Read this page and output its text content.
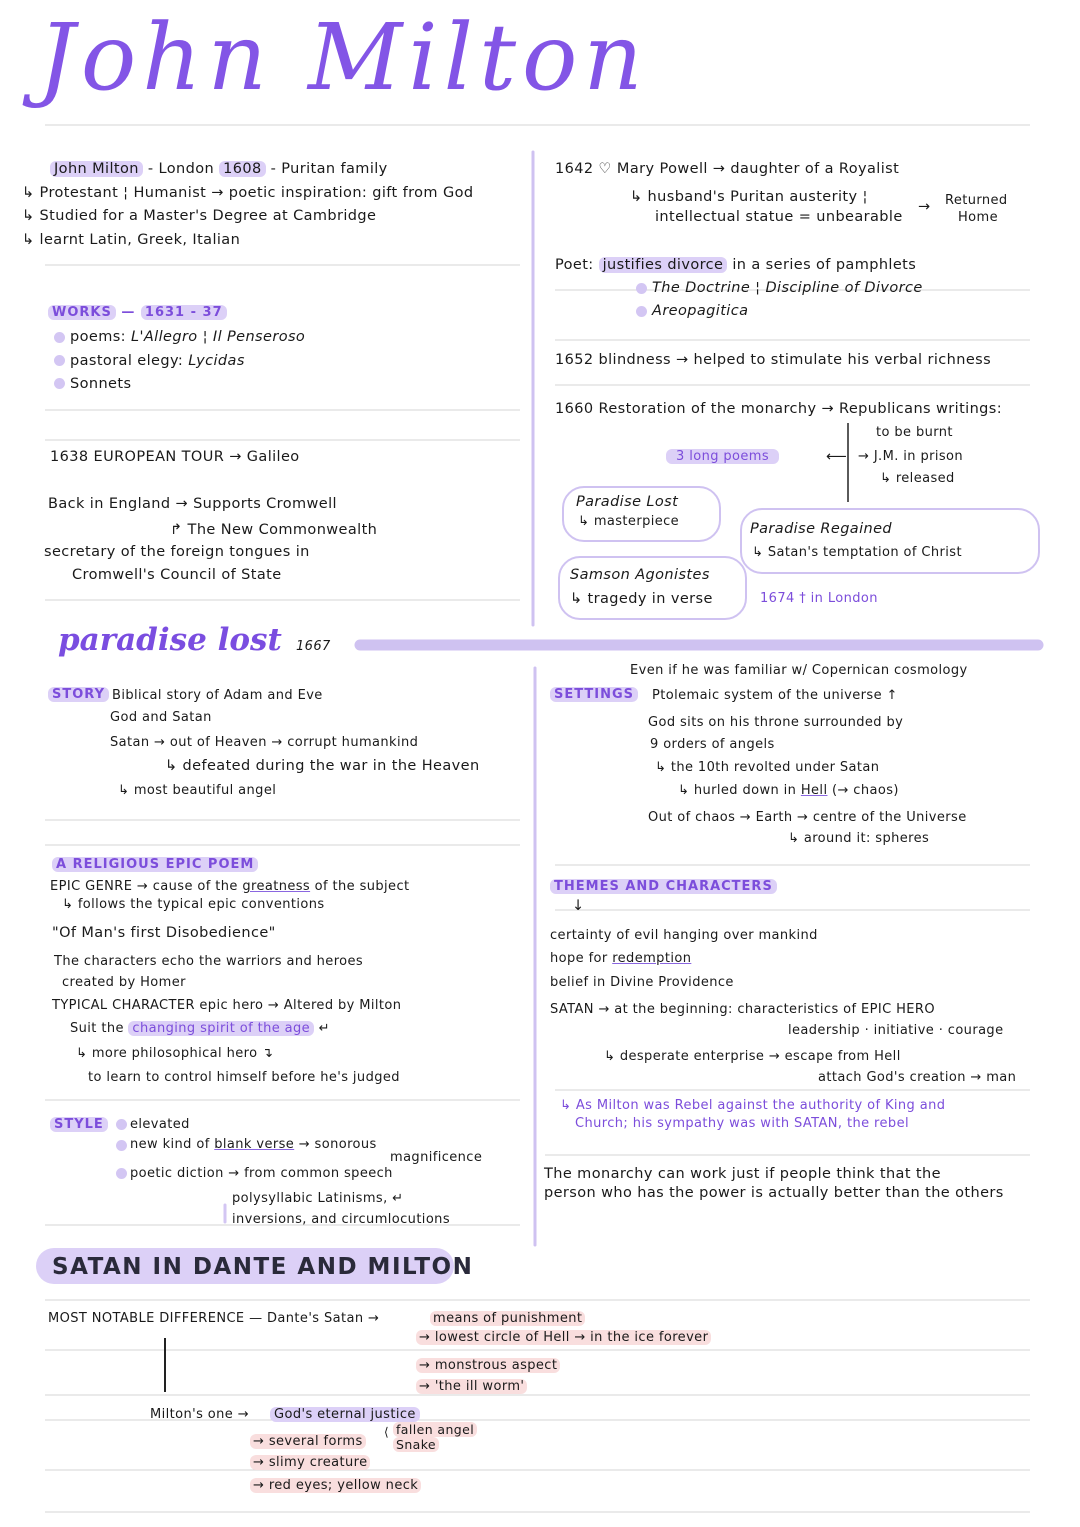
John Milton
John Milton - London 1608 - Puritan family
↳ Protestant ¦ Humanist → poetic inspiration: gift from God
↳ Studied for a Master's Degree at Cambridge
↳ learnt Latin, Greek, Italian
WORKS — 1631 - 37
poems: L'Allegro ¦ Il Penseroso
pastoral elegy: Lycidas
Sonnets
1638 EUROPEAN TOUR → Galileo
Back in England → Supports Cromwell
↱ The New Commonwealth
secretary of the foreign tongues in
Cromwell's Council of State
1642 ♡ Mary Powell → daughter of a Royalist
↳ husband's Puritan austerity ¦
intellectual statue = unbearable
→ Returned
Home
Poet: justifies divorce in a series of pamphlets
The Doctrine ¦ Discipline of Divorce
Areopagitica
1652 blindness → helped to stimulate his verbal richness
1660 Restoration of the monarchy → Republicans writings:
to be burnt
→ J.M. in prison
↳ released
3 long poems	⟵
Paradise Lost
↳ masterpiece	Paradise Regained
↳ Satan's temptation of Christ
Samson Agonistes
↳ tragedy in verse	1674 † in London
paradise lost 1667
STORY Biblical story of Adam and Eve
God and Satan
Satan → out of Heaven → corrupt humankind
↳ defeated during the war in the Heaven
↳ most beautiful angel
A RELIGIOUS EPIC POEM
EPIC GENRE → cause of the greatness of the subject
↳ follows the typical epic conventions
"Of Man's first Disobedience"
The characters echo the warriors and heroes
created by Homer
TYPICAL CHARACTER epic hero → Altered by Milton
Suit the changing spirit of the age ↵
↳ more philosophical hero ↴
to learn to control himself before he's judged
STYLE	elevated
new kind of blank verse → sonorous
magnificence
poetic diction → from common speech
polysyllabic Latinisms, ↵
inversions, and circumlocutions
Even if he was familiar w/ Copernican cosmology
SETTINGS	Ptolemaic system of the universe ↑
God sits on his throne surrounded by
9 orders of angels
↳ the 10th revolted under Satan
↳ hurled down in Hell (→ chaos)
Out of chaos → Earth → centre of the Universe
↳ around it: spheres
THEMES AND CHARACTERS
↓
certainty of evil hanging over mankind
hope for redemption
belief in Divine Providence
SATAN → at the beginning: characteristics of EPIC HERO
leadership · initiative · courage
↳ desperate enterprise → escape from Hell
attach God's creation → man
↳ As Milton was Rebel against the authority of King and
Church; his sympathy was with SATAN, the rebel
The monarchy can work just if people think that the
person who has the power is actually better than the others
SATAN IN DANTE AND MILTON
MOST NOTABLE DIFFERENCE — Dante's Satan →	means of punishment
→ lowest circle of Hell → in the ice forever
→ monstrous aspect
→ 'the ill worm'
Milton's one →	God's eternal justice
→ several forms
⟨ fallen angel
Snake
→ slimy creature
→ red eyes; yellow neck
